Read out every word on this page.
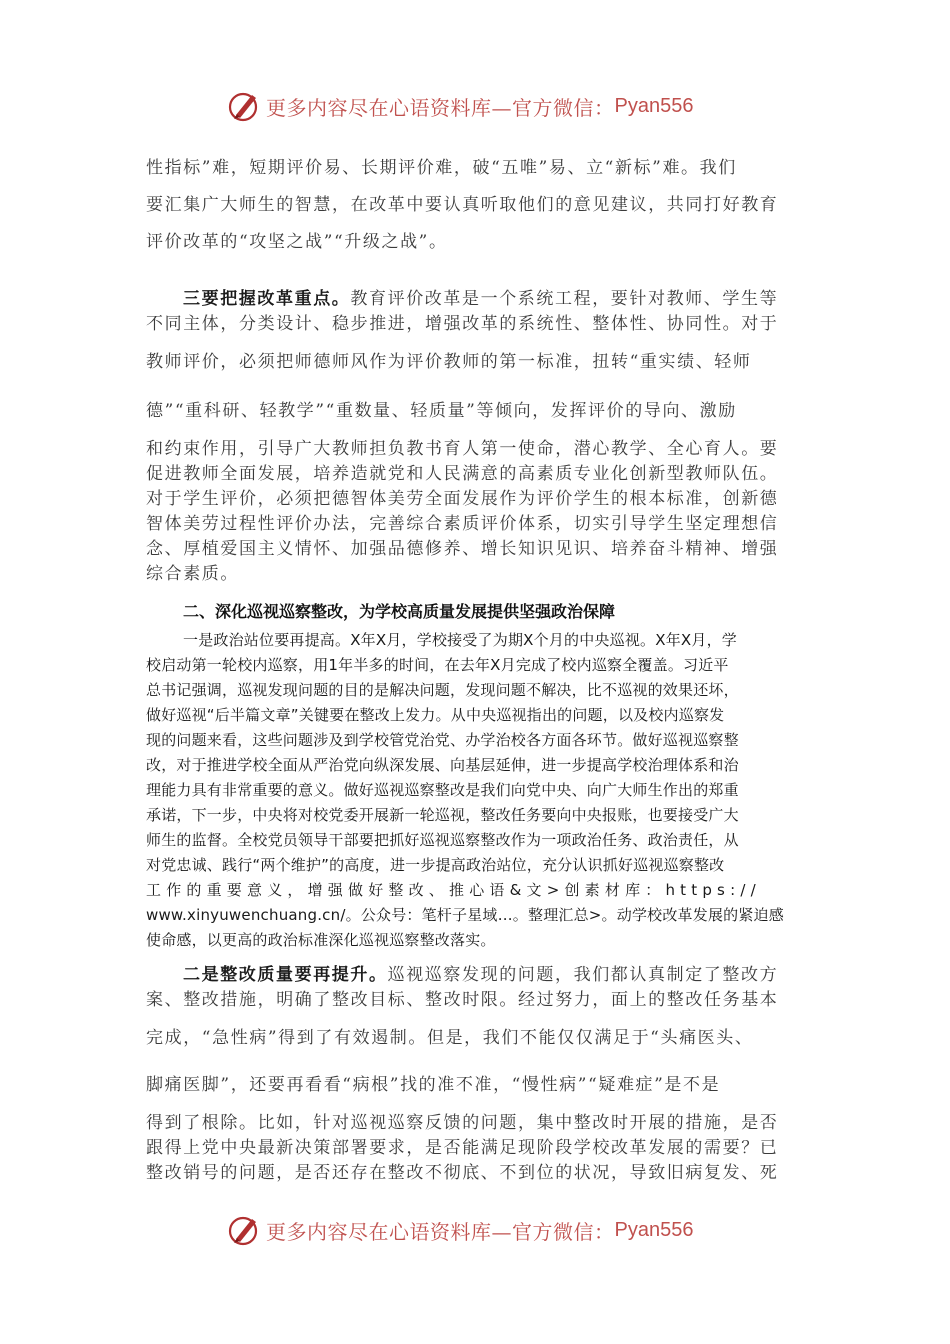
更多内容尽在心语资料库—官方微信： Pyan556

性指标”难，短期评价易、长期评价难，破“五唯”易、立“新标”难。我们
要汇集广大师生的智慧，在改革中要认真听取他们的意见建议，共同打好教育
评价改革的“攻坚之战”“升级之战”。

三要把握改革重点。教育评价改革是一个系统工程，要针对教师、学生等
不同主体，分类设计、稳步推进，增强改革的系统性、整体性、协同性。对于
教师评价，必须把师德师风作为评价教师的第一标准，扭转“重实绩、轻师
德”“重科研、轻教学”“重数量、轻质量”等倾向，发挥评价的导向、激励
和约束作用，引导广大教师担负教书育人第一使命，潜心教学、全心育人。要
促进教师全面发展，培养造就党和人民满意的高素质专业化创新型教师队伍。
对于学生评价，必须把德智体美劳全面发展作为评价学生的根本标准，创新德
智体美劳过程性评价办法，完善综合素质评价体系，切实引导学生坚定理想信
念、厚植爱国主义情怀、加强品德修养、增长知识见识、培养奋斗精神、增强
综合素质。

二、深化巡视巡察整改，为学校高质量发展提供坚强政治保障

一是政治站位要再提高。X年X月，学校接受了为期X个月的中央巡视。X年X月，学
校启动第一轮校内巡察，用1年半多的时间，在去年X月完成了校内巡察全覆盖。习近平
总书记强调，巡视发现问题的目的是解决问题，发现问题不解决，比不巡视的效果还坏，
做好巡视“后半篇文章”关键要在整改上发力。从中央巡视指出的问题，以及校内巡察发
现的问题来看，这些问题涉及到学校管党治党、办学治校各方面各环节。做好巡视巡察整
改，对于推进学校全面从严治党向纵深发展、向基层延伸，进一步提高学校治理体系和治
理能力具有非常重要的意义。做好巡视巡察整改是我们向党中央、向广大师生作出的郑重
承诺，下一步，中央将对校党委开展新一轮巡视，整改任务要向中央报账，也要接受广大
师生的监督。全校党员领导干部要把抓好巡视巡察整改作为一项政治任务、政治责任，从
对党忠诚、践行“两个维护”的高度，进一步提高政治站位，充分认识抓好巡视巡察整改
工作的重要意义，增强做好整改、推心语&文>创素材库：https://
www.xinyuwenchuang.cn/。公众号：笔杆子星域…。整理汇总>。动学校改革发展的紧迫感
使命感，以更高的政治标准深化巡视巡察整改落实。

二是整改质量要再提升。巡视巡察发现的问题，我们都认真制定了整改方
案、整改措施，明确了整改目标、整改时限。经过努力，面上的整改任务基本
完成，“急性病”得到了有效遏制。但是，我们不能仅仅满足于“头痛医头、
脚痛医脚”，还要再看看“病根”找的准不准，“慢性病”“疑难症”是不是
得到了根除。比如，针对巡视巡察反馈的问题，集中整改时开展的措施，是否
跟得上党中央最新决策部署要求，是否能满足现阶段学校改革发展的需要？已
整改销号的问题，是否还存在整改不彻底、不到位的状况，导致旧病复发、死

更多内容尽在心语资料库—官方微信： Pyan556
